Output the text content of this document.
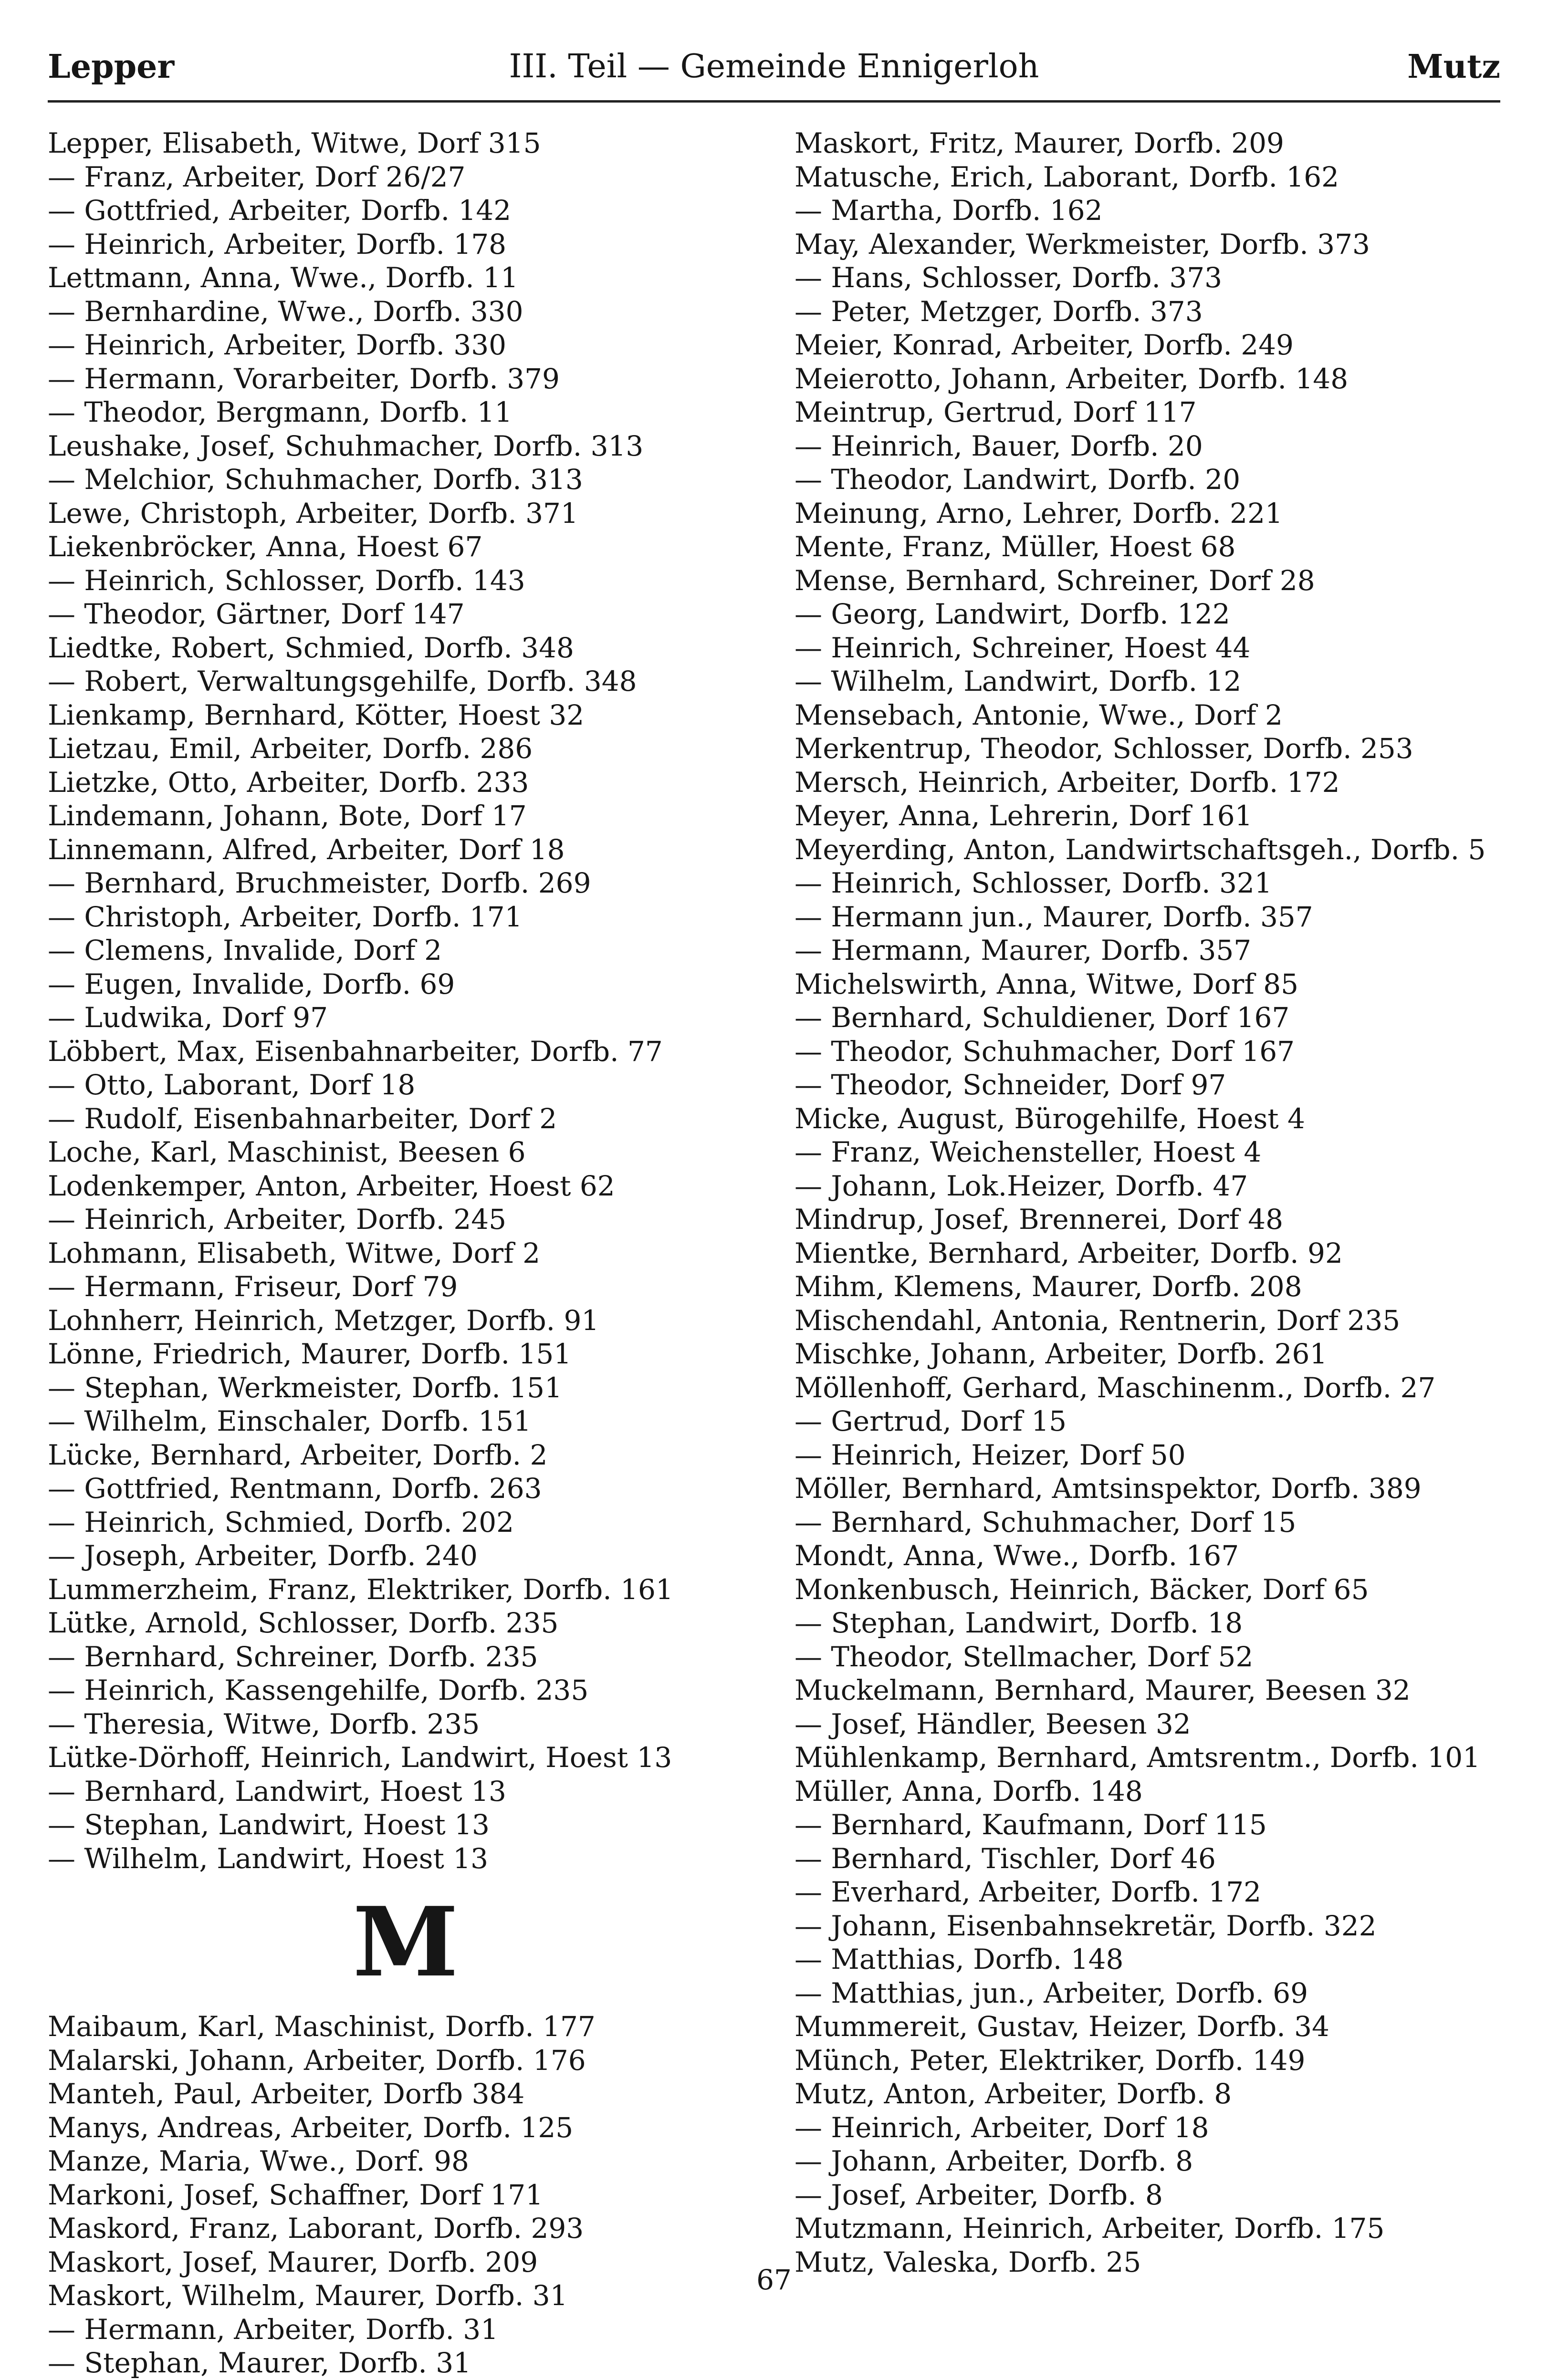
Lepper	III. Teil — Gemeinde Ennigerloh	Mutz
Lepper, Elisabeth, Witwe, Dorf 315
— Franz, Arbeiter, Dorf 26/27
— Gottfried, Arbeiter, Dorfb. 142
— Heinrich, Arbeiter, Dorfb. 178
Lettmann, Anna, Wwe., Dorfb. 11
— Bernhardine, Wwe., Dorfb. 330
— Heinrich, Arbeiter, Dorfb. 330
— Hermann, Vorarbeiter, Dorfb. 379
— Theodor, Bergmann, Dorfb. 11
Leushake, Josef, Schuhmacher, Dorfb. 313
— Melchior, Schuhmacher, Dorfb. 313
Lewe, Christoph, Arbeiter, Dorfb. 371
Liekenbröcker, Anna, Hoest 67
— Heinrich, Schlosser, Dorfb. 143
— Theodor, Gärtner, Dorf 147
Liedtke, Robert, Schmied, Dorfb. 348
— Robert, Verwaltungsgehilfe, Dorfb. 348
Lienkamp, Bernhard, Kötter, Hoest 32
Lietzau, Emil, Arbeiter, Dorfb. 286
Lietzke, Otto, Arbeiter, Dorfb. 233
Lindemann, Johann, Bote, Dorf 17
Linnemann, Alfred, Arbeiter, Dorf 18
— Bernhard, Bruchmeister, Dorfb. 269
— Christoph, Arbeiter, Dorfb. 171
— Clemens, Invalide, Dorf 2
— Eugen, Invalide, Dorfb. 69
— Ludwika, Dorf 97
Löbbert, Max, Eisenbahnarbeiter, Dorfb. 77
— Otto, Laborant, Dorf 18
— Rudolf, Eisenbahnarbeiter, Dorf 2
Loche, Karl, Maschinist, Beesen 6
Lodenkemper, Anton, Arbeiter, Hoest 62
— Heinrich, Arbeiter, Dorfb. 245
Lohmann, Elisabeth, Witwe, Dorf 2
— Hermann, Friseur, Dorf 79
Lohnherr, Heinrich, Metzger, Dorfb. 91
Lönne, Friedrich, Maurer, Dorfb. 151
— Stephan, Werkmeister, Dorfb. 151
— Wilhelm, Einschaler, Dorfb. 151
Lücke, Bernhard, Arbeiter, Dorfb. 2
— Gottfried, Rentmann, Dorfb. 263
— Heinrich, Schmied, Dorfb. 202
— Joseph, Arbeiter, Dorfb. 240
Lummerzheim, Franz, Elektriker, Dorfb. 161
Lütke, Arnold, Schlosser, Dorfb. 235
— Bernhard, Schreiner, Dorfb. 235
— Heinrich, Kassengehilfe, Dorfb. 235
— Theresia, Witwe, Dorfb. 235
Lütke-Dörhoff, Heinrich, Landwirt, Hoest 13
— Bernhard, Landwirt, Hoest 13
— Stephan, Landwirt, Hoest 13
— Wilhelm, Landwirt, Hoest 13
M
Maibaum, Karl, Maschinist, Dorfb. 177
Malarski, Johann, Arbeiter, Dorfb. 176
Manteh, Paul, Arbeiter, Dorfb 384
Manys, Andreas, Arbeiter, Dorfb. 125
Manze, Maria, Wwe., Dorf. 98
Markoni, Josef, Schaffner, Dorf 171
Maskord, Franz, Laborant, Dorfb. 293
Maskort, Josef, Maurer, Dorfb. 209
Maskort, Wilhelm, Maurer, Dorfb. 31
— Hermann, Arbeiter, Dorfb. 31
— Stephan, Maurer, Dorfb. 31
Maskort, Fritz, Maurer, Dorfb. 209
Matusche, Erich, Laborant, Dorfb. 162
— Martha, Dorfb. 162
May, Alexander, Werkmeister, Dorfb. 373
— Hans, Schlosser, Dorfb. 373
— Peter, Metzger, Dorfb. 373
Meier, Konrad, Arbeiter, Dorfb. 249
Meierotto, Johann, Arbeiter, Dorfb. 148
Meintrup, Gertrud, Dorf 117
— Heinrich, Bauer, Dorfb. 20
— Theodor, Landwirt, Dorfb. 20
Meinung, Arno, Lehrer, Dorfb. 221
Mente, Franz, Müller, Hoest 68
Mense, Bernhard, Schreiner, Dorf 28
— Georg, Landwirt, Dorfb. 122
— Heinrich, Schreiner, Hoest 44
— Wilhelm, Landwirt, Dorfb. 12
Mensebach, Antonie, Wwe., Dorf 2
Merkentrup, Theodor, Schlosser, Dorfb. 253
Mersch, Heinrich, Arbeiter, Dorfb. 172
Meyer, Anna, Lehrerin, Dorf 161
Meyerding, Anton, Landwirtschaftsgeh., Dorfb. 5
— Heinrich, Schlosser, Dorfb. 321
— Hermann jun., Maurer, Dorfb. 357
— Hermann, Maurer, Dorfb. 357
Michelswirth, Anna, Witwe, Dorf 85
— Bernhard, Schuldiener, Dorf 167
— Theodor, Schuhmacher, Dorf 167
— Theodor, Schneider, Dorf 97
Micke, August, Bürogehilfe, Hoest 4
— Franz, Weichensteller, Hoest 4
— Johann, Lok.Heizer, Dorfb. 47
Mindrup, Josef, Brennerei, Dorf 48
Mientke, Bernhard, Arbeiter, Dorfb. 92
Mihm, Klemens, Maurer, Dorfb. 208
Mischendahl, Antonia, Rentnerin, Dorf 235
Mischke, Johann, Arbeiter, Dorfb. 261
Möllenhoff, Gerhard, Maschinenm., Dorfb. 27
— Gertrud, Dorf 15
— Heinrich, Heizer, Dorf 50
Möller, Bernhard, Amtsinspektor, Dorfb. 389
— Bernhard, Schuhmacher, Dorf 15
Mondt, Anna, Wwe., Dorfb. 167
Monkenbusch, Heinrich, Bäcker, Dorf 65
— Stephan, Landwirt, Dorfb. 18
— Theodor, Stellmacher, Dorf 52
Muckelmann, Bernhard, Maurer, Beesen 32
— Josef, Händler, Beesen 32
Mühlenkamp, Bernhard, Amtsrentm., Dorfb. 101
Müller, Anna, Dorfb. 148
— Bernhard, Kaufmann, Dorf 115
— Bernhard, Tischler, Dorf 46
— Everhard, Arbeiter, Dorfb. 172
— Johann, Eisenbahnsekretär, Dorfb. 322
— Matthias, Dorfb. 148
— Matthias, jun., Arbeiter, Dorfb. 69
Mummereit, Gustav, Heizer, Dorfb. 34
Münch, Peter, Elektriker, Dorfb. 149
Mutz, Anton, Arbeiter, Dorfb. 8
— Heinrich, Arbeiter, Dorf 18
— Johann, Arbeiter, Dorfb. 8
— Josef, Arbeiter, Dorfb. 8
Mutzmann, Heinrich, Arbeiter, Dorfb. 175
Mutz, Valeska, Dorfb. 25
67
